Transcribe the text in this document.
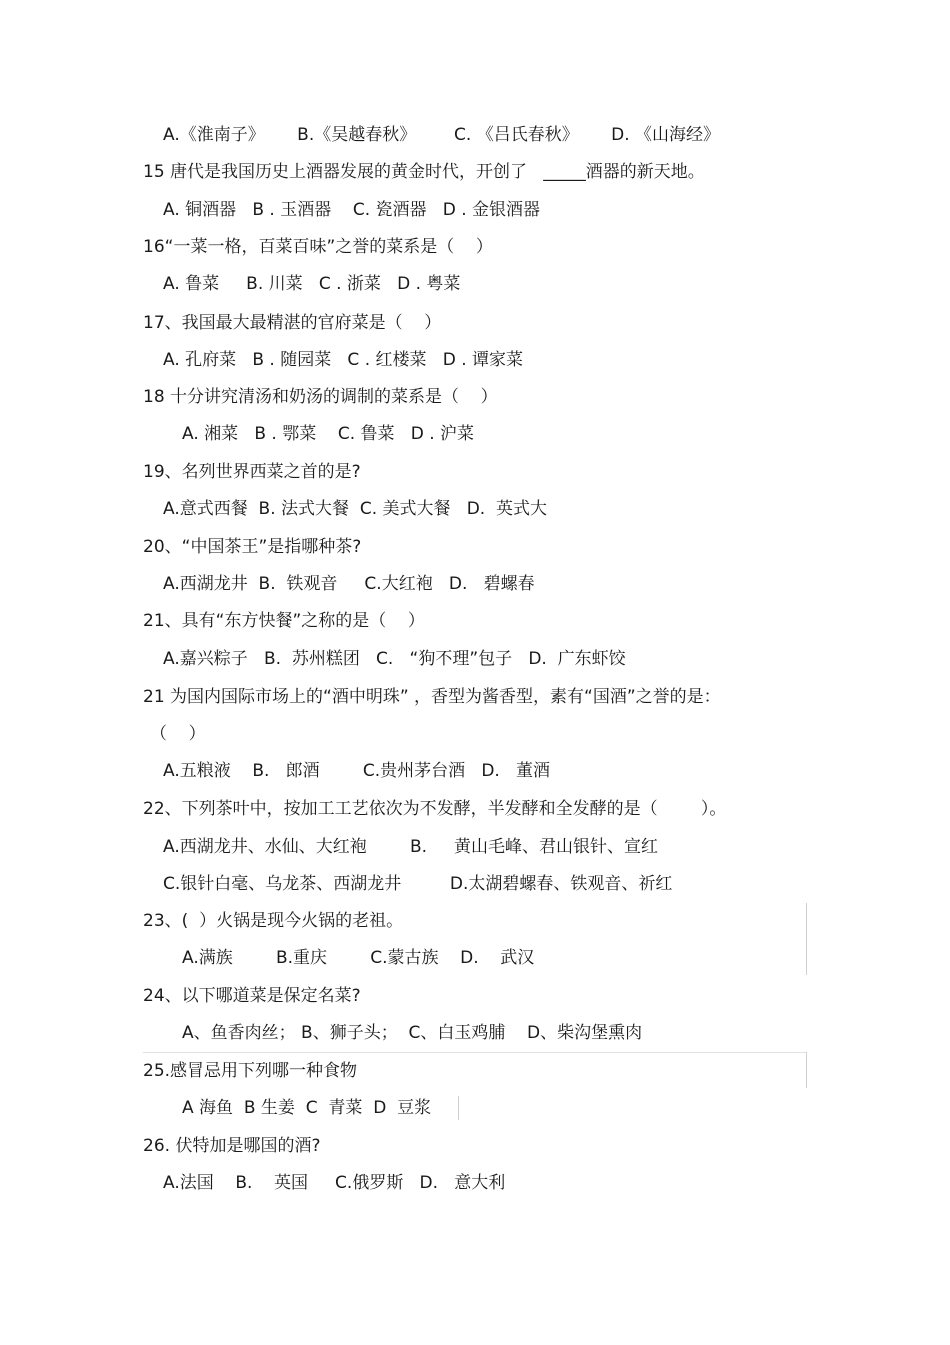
A.《淮南子》      B.《吴越春秋》       C. 《吕氏春秋》      D. 《山海经》
15 唐代是我国历史上酒器发展的黄金时代，开创了   _____酒器的新天地。
A. 铜酒器   B . 玉酒器    C. 瓷酒器   D . 金银酒器
16“一菜一格，百菜百味”之誉的菜系是（    ）
A. 鲁菜     B. 川菜   C . 浙菜   D . 粤菜
17、我国最大最精湛的官府菜是（    ）
A. 孔府菜   B . 随园菜   C . 红楼菜   D . 谭家菜
18 十分讲究清汤和奶汤的调制的菜系是（    ）
A. 湘菜   B . 鄂菜    C. 鲁菜   D . 沪菜
19、名列世界西菜之首的是?
A.意式西餐  B. 法式大餐  C. 美式大餐   D.  英式大
20、“中国茶王”是指哪种茶?
A.西湖龙井  B.  铁观音     C.大红袍   D.   碧螺春
21、具有“东方快餐”之称的是（    ）
A.嘉兴粽子   B.  苏州糕团   C.   “狗不理”包子   D.  广东虾饺
21 为国内国际市场上的“酒中明珠” ，香型为酱香型，素有“国酒”之誉的是：
（    ）
A.五粮液    B.   郎酒        C.贵州茅台酒   D.   董酒
22、下列茶叶中，按加工工艺依次为不发酵，半发酵和全发酵的是（        ）。
A.西湖龙井、水仙、大红袍        B.     黄山毛峰、君山银针、宣红
C.银针白毫、乌龙茶、西湖龙井         D.太湖碧螺春、铁观音、祈红
23、(  ）火锅是现今火锅的老祖。
A.满族        B.重庆        C.蒙古族    D.    武汉
24、以下哪道菜是保定名菜?
A、鱼香肉丝； B、狮子头；  C、白玉鸡脯    D、柴沟堡熏肉
25.感冒忌用下列哪一种食物
A 海鱼  B 生姜  C  青菜  D  豆浆
26. 伏特加是哪国的酒?
A.法国    B.    英国     C.俄罗斯   D.   意大利
